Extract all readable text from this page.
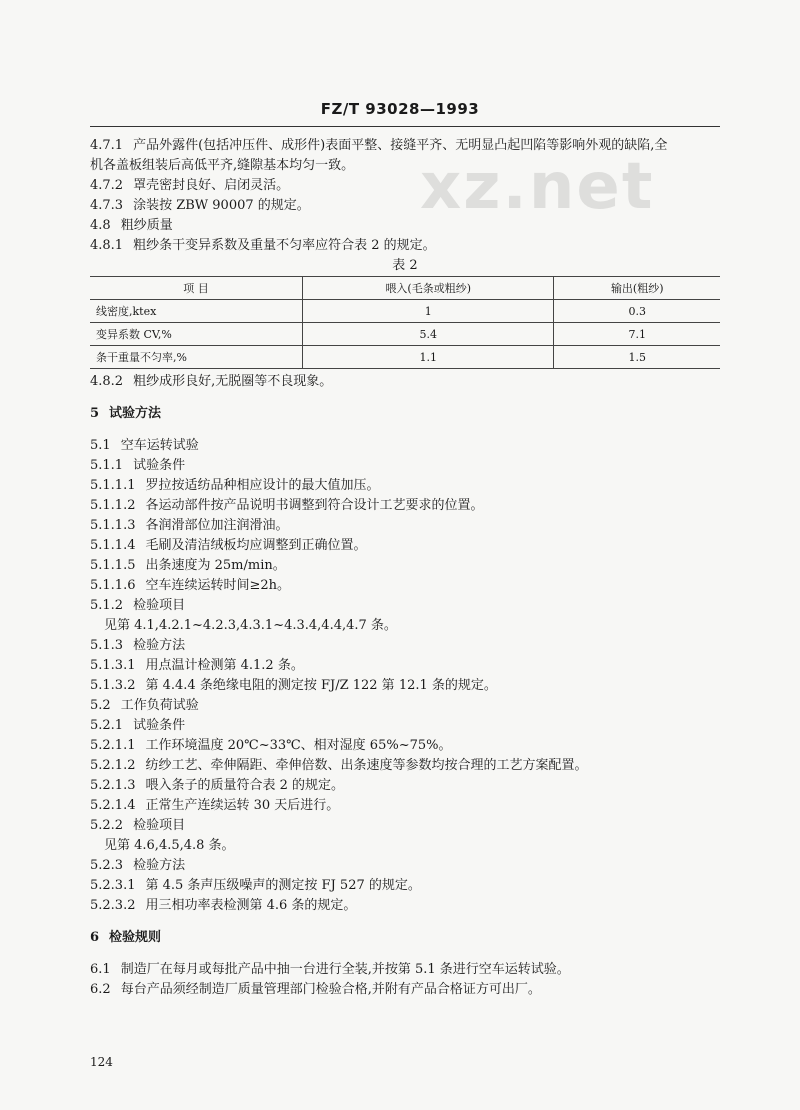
FZ/T 93028—1993
xz.net
4.7.1 产品外露件(包括冲压件、成形件)表面平整、接缝平齐、无明显凸起凹陷等影响外观的缺陷,全
机各盖板组装后高低平齐,缝隙基本均匀一致。
4.7.2 罩壳密封良好、启闭灵活。
4.7.3 涂装按 ZBW 90007 的规定。
4.8 粗纱质量
4.8.1 粗纱条干变异系数及重量不匀率应符合表 2 的规定。
表 2
项 目	喂入(毛条或粗纱)	输出(粗纱)
线密度,ktex	1	0.3
变异系数 CV,%	5.4	7.1
条干重量不匀率,%	1.1	1.5
4.8.2 粗纱成形良好,无脱圈等不良现象。
5 试验方法
5.1 空车运转试验
5.1.1 试验条件
5.1.1.1 罗拉按适纺品种相应设计的最大值加压。
5.1.1.2 各运动部件按产品说明书调整到符合设计工艺要求的位置。
5.1.1.3 各润滑部位加注润滑油。
5.1.1.4 毛刷及清洁绒板均应调整到正确位置。
5.1.1.5 出条速度为 25m/min。
5.1.1.6 空车连续运转时间≥2h。
5.1.2 检验项目
见第 4.1,4.2.1~4.2.3,4.3.1~4.3.4,4.4,4.7 条。
5.1.3 检验方法
5.1.3.1 用点温计检测第 4.1.2 条。
5.1.3.2 第 4.4.4 条绝缘电阻的测定按 FJ/Z 122 第 12.1 条的规定。
5.2 工作负荷试验
5.2.1 试验条件
5.2.1.1 工作环境温度 20℃~33℃、相对湿度 65%~75%。
5.2.1.2 纺纱工艺、牵伸隔距、牵伸倍数、出条速度等参数均按合理的工艺方案配置。
5.2.1.3 喂入条子的质量符合表 2 的规定。
5.2.1.4 正常生产连续运转 30 天后进行。
5.2.2 检验项目
见第 4.6,4.5,4.8 条。
5.2.3 检验方法
5.2.3.1 第 4.5 条声压级噪声的测定按 FJ 527 的规定。
5.2.3.2 用三相功率表检测第 4.6 条的规定。
6 检验规则
6.1 制造厂在每月或每批产品中抽一台进行全装,并按第 5.1 条进行空车运转试验。
6.2 每台产品须经制造厂质量管理部门检验合格,并附有产品合格证方可出厂。
124
